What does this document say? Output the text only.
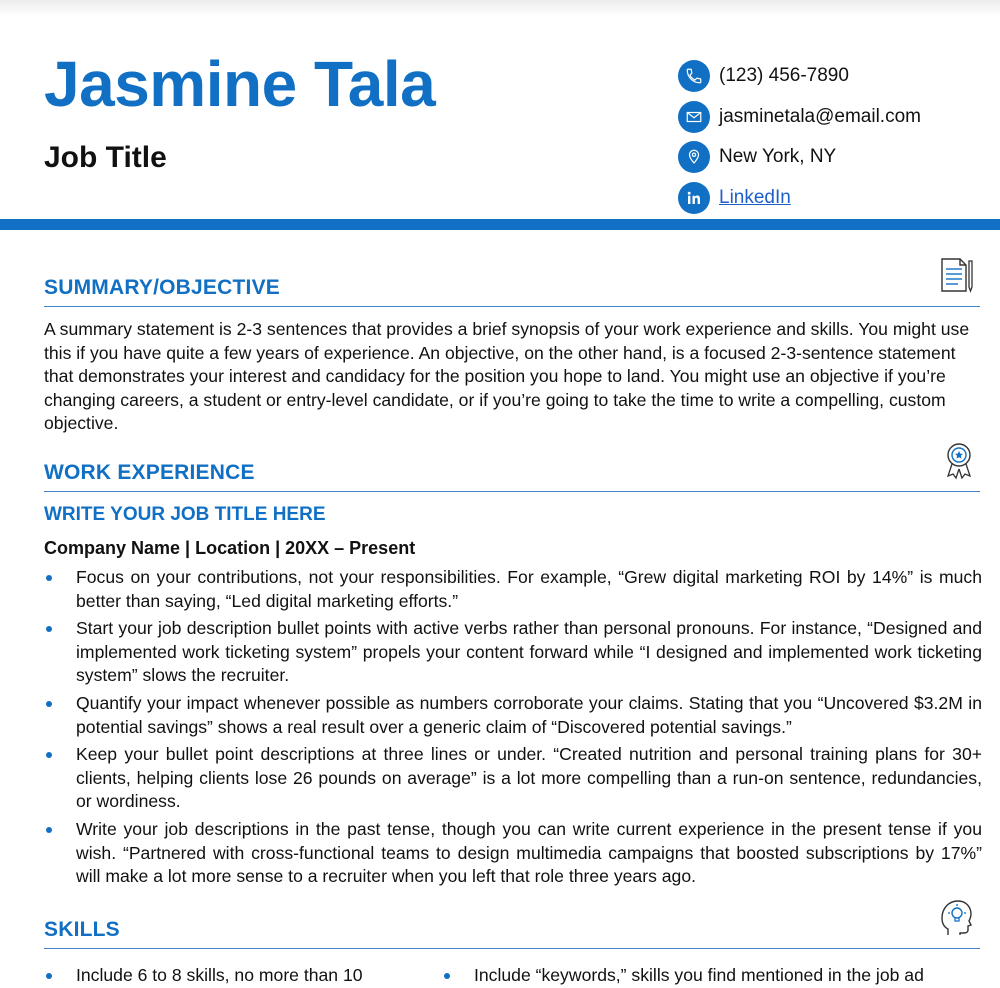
Jasmine Tala
Job Title
(123) 456-7890
jasminetala@email.com
New York, NY
LinkedIn
SUMMARY/OBJECTIVE
A summary statement is 2-3 sentences that provides a brief synopsis of your work experience and skills. You might use this if you have quite a few years of experience. An objective, on the other hand, is a focused 2-3-sentence statement that demonstrates your interest and candidacy for the position you hope to land. You might use an objective if you’re changing careers, a student or entry-level candidate, or if you’re going to take the time to write a compelling, custom objective.
WORK EXPERIENCE
WRITE YOUR JOB TITLE HERE
Company Name | Location | 20XX – Present
Focus on your contributions, not your responsibilities. For example, “Grew digital marketing ROI by 14%” is much better than saying, “Led digital marketing efforts.”
Start your job description bullet points with active verbs rather than personal pronouns. For instance, “Designed and implemented work ticketing system” propels your content forward while “I designed and implemented work ticketing system” slows the recruiter.
Quantify your impact whenever possible as numbers corroborate your claims. Stating that you “Uncovered $3.2M in potential savings” shows a real result over a generic claim of “Discovered potential savings.”
Keep your bullet point descriptions at three lines or under. “Created nutrition and personal training plans for 30+ clients, helping clients lose 26 pounds on average” is a lot more compelling than a run-on sentence, redundancies, or wordiness.
Write your job descriptions in the past tense, though you can write current experience in the present tense if you wish. “Partnered with cross-functional teams to design multimedia campaigns that boosted subscriptions by 17%” will make a lot more sense to a recruiter when you left that role three years ago.
SKILLS
Include 6 to 8 skills, no more than 10	Include “keywords,” skills you find mentioned in the job ad
